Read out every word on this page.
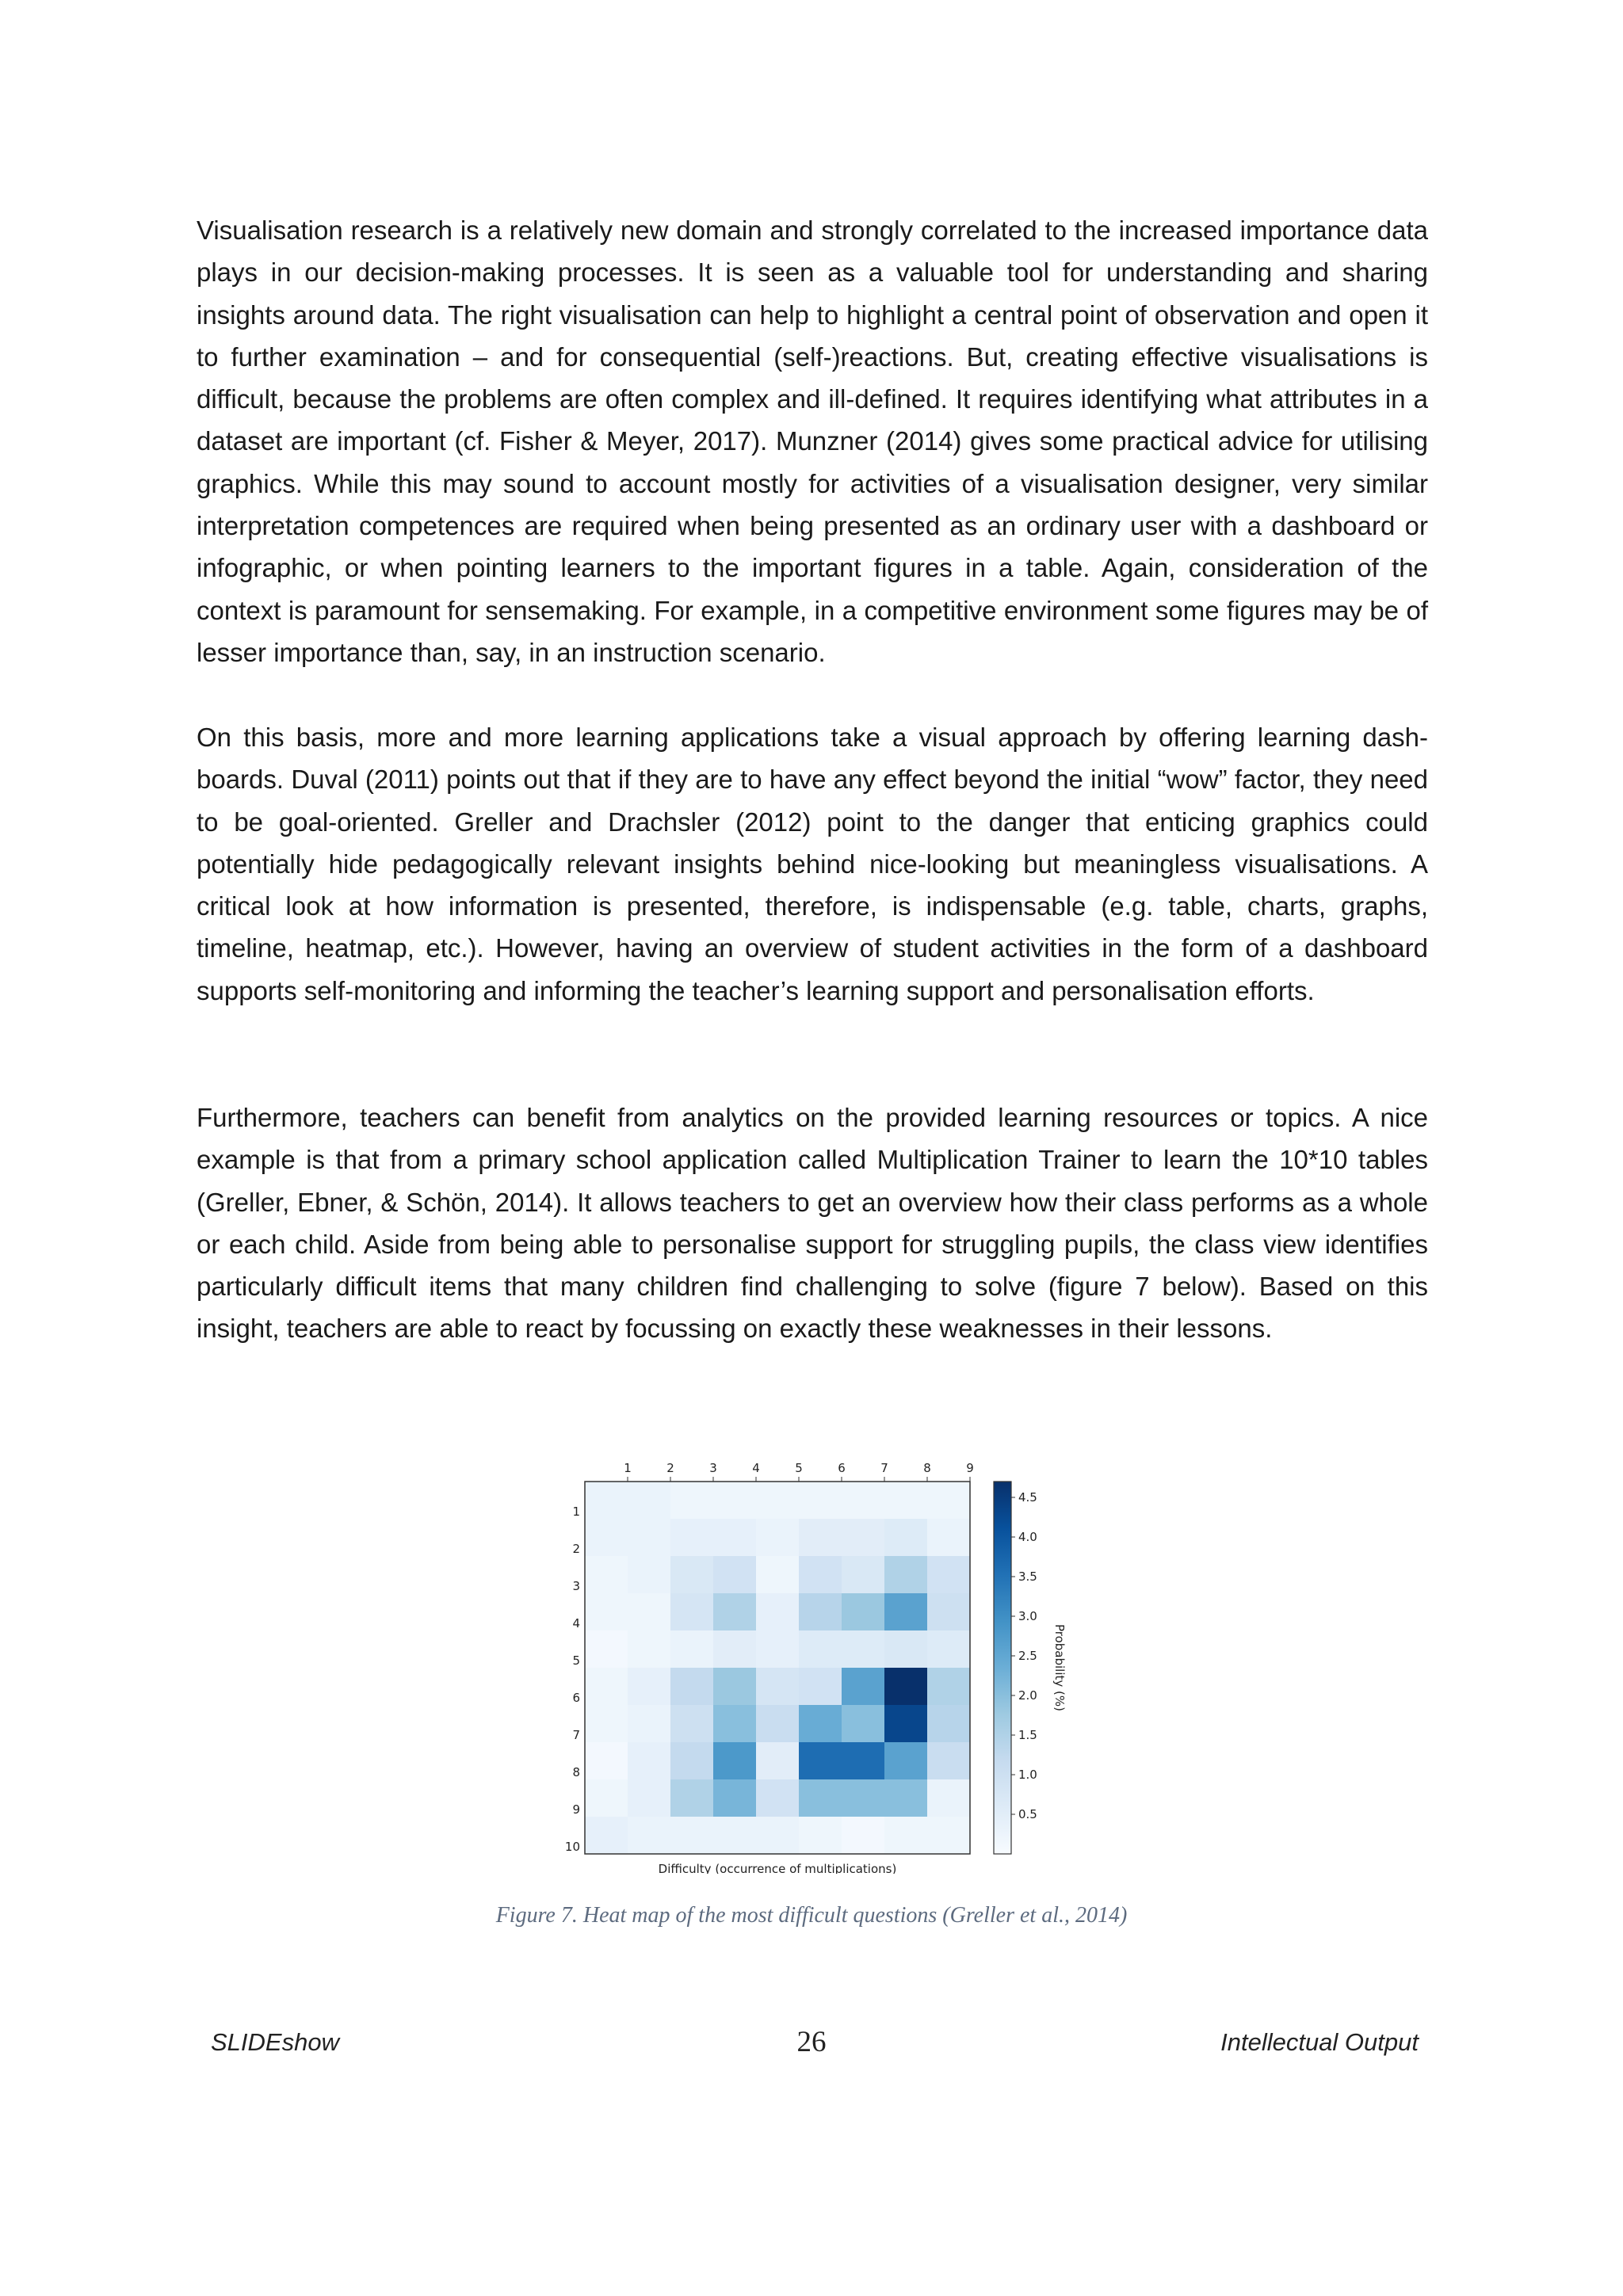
Visualisation research is a relatively new domain and strongly correlated to the increased importance data plays in our decision-making processes. It is seen as a valuable tool for understanding and sharing insights around data. The right visualisation can help to highlight a central point of observation and open it to further examination – and for consequential (self-)reactions. But, creating effective visualisations is difficult, because the problems are often complex and ill-defined. It requires identifying what attributes in a dataset are important (cf. Fisher & Meyer, 2017). Munzner (2014) gives some practical advice for utilising graphics. While this may sound to account mostly for activities of a visualisation designer, very similar interpretation competences are required when being presented as an ordinary user with a dashboard or infographic, or when pointing learners to the important figures in a table. Again, consideration of the context is paramount for sensemaking. For example, in a competitive environment some figures may be of lesser importance than, say, in an instruction scenario.

On this basis, more and more learning applications take a visual approach by offering learning dashboards. Duval (2011) points out that if they are to have any effect beyond the initial “wow” factor, they need to be goal-oriented. Greller and Drachsler (2012) point to the danger that enticing graphics could potentially hide pedagogically relevant insights behind nice-looking but meaningless visualisations. A critical look at how information is presented, therefore, is indispensable (e.g. table, charts, graphs, timeline, heatmap, etc.). However, having an overview of student activities in the form of a dashboard supports self-monitoring and informing the teacher’s learning support and personalisation efforts.

Furthermore, teachers can benefit from analytics on the provided learning resources or topics. A nice example is that from a primary school application called Multiplication Trainer to learn the 10*10 tables (Greller, Ebner, & Schön, 2014). It allows teachers to get an overview how their class performs as a whole or each child. Aside from being able to personalise support for struggling pupils, the class view identifies particularly difficult items that many children find challenging to solve (figure 7 below). Based on this insight, teachers are able to react by focussing on exactly these weaknesses in their lessons.

1	2	3	4	5	6	7	8	9
1
2
3
4
5
6
7
8
9
10
Difficulty (occurrence of multiplications)
0.5
1.0
1.5
2.0
2.5
3.0
3.5
4.0
4.5
Probability (%)
Figure 7. Heat map of the most difficult questions (Greller et al., 2014)
SLIDEshow	26	Intellectual Output
